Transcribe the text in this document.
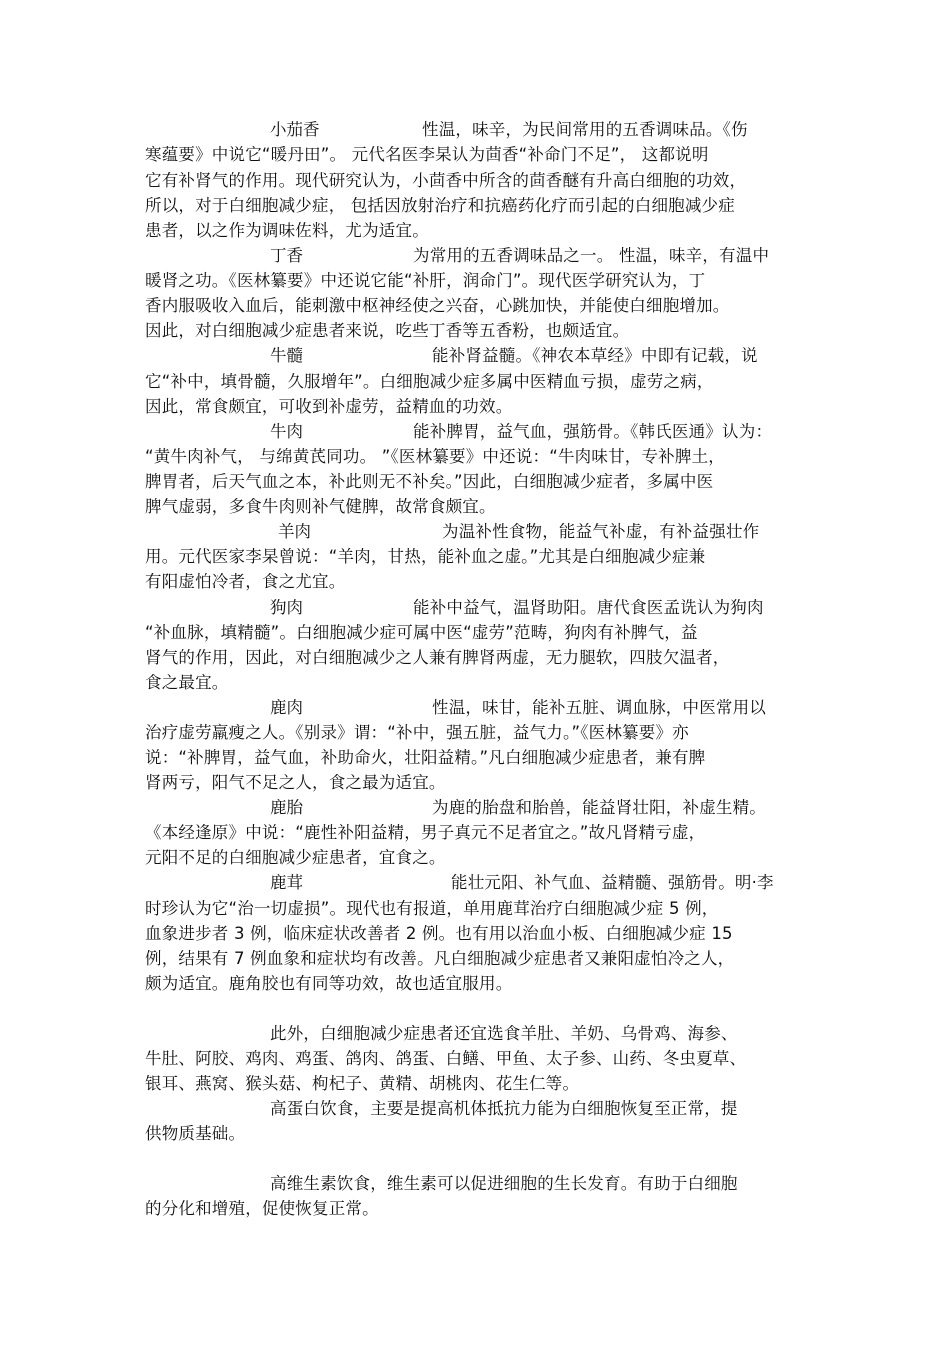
小茄香	性温，味辛，为民间常用的五香调味品。《伤
寒蕴要》中说它“暖丹田”。 元代名医李杲认为茴香“补命门不足”， 这都说明
它有补肾气的作用。现代研究认为，小茴香中所含的茴香醚有升高白细胞的功效，
所以，对于白细胞减少症， 包括因放射治疗和抗癌药化疗而引起的白细胞减少症
患者，以之作为调味佐料，尤为适宜。
丁香	为常用的五香调味品之一。 性温，味辛，有温中
暖肾之功。《医林纂要》中还说它能“补肝，润命门”。现代医学研究认为，丁
香内服吸收入血后，能刺激中枢神经使之兴奋，心跳加快，并能使白细胞增加。
因此，对白细胞减少症患者来说，吃些丁香等五香粉，也颇适宜。
牛髓	能补肾益髓。《神农本草经》中即有记载，说
它“补中，填骨髓，久服增年”。白细胞减少症多属中医精血亏损，虚劳之病，
因此，常食颇宜，可收到补虚劳，益精血的功效。
牛肉	能补脾胃，益气血，强筋骨。《韩氏医通》认为：
“黄牛肉补气， 与绵黄芪同功。 ”《医林纂要》中还说：“牛肉味甘，专补脾土，
脾胃者，后天气血之本，补此则无不补矣。”因此，白细胞减少症者，多属中医
脾气虚弱，多食牛肉则补气健脾，故常食颇宜。
羊肉	为温补性食物，能益气补虚，有补益强壮作
用。元代医家李杲曾说：“羊肉，甘热，能补血之虚。”尤其是白细胞减少症兼
有阳虚怕冷者，食之尤宜。
狗肉	能补中益气，温肾助阳。唐代食医孟诜认为狗肉
“补血脉，填精髓”。白细胞减少症可属中医“虚劳”范畴，狗肉有补脾气，益
肾气的作用，因此，对白细胞减少之人兼有脾肾两虚，无力腿软，四肢欠温者，
食之最宜。
鹿肉	性温，味甘，能补五脏、调血脉，中医常用以
治疗虚劳羸瘦之人。《别录》谓：“补中，强五脏，益气力。”《医林纂要》亦
说：“补脾胃，益气血，补助命火，壮阳益精。”凡白细胞减少症患者，兼有脾
肾两亏，阳气不足之人，食之最为适宜。
鹿胎	为鹿的胎盘和胎兽，能益肾壮阳，补虚生精。
《本经逢原》中说：“鹿性补阳益精，男子真元不足者宜之。”故凡肾精亏虚，
元阳不足的白细胞减少症患者，宜食之。
鹿茸	能壮元阳、补气血、益精髓、强筋骨。明·李
时珍认为它“治一切虚损”。现代也有报道，单用鹿茸治疗白细胞减少症 5 例，
血象进步者 3 例，临床症状改善者 2 例。也有用以治血小板、白细胞减少症 15
例，结果有 7 例血象和症状均有改善。凡白细胞减少症患者又兼阳虚怕冷之人，
颇为适宜。鹿角胶也有同等功效，故也适宜服用。
此外，白细胞减少症患者还宜选食羊肚、羊奶、乌骨鸡、海参、
牛肚、阿胶、鸡肉、鸡蛋、鸽肉、鸽蛋、白鳝、甲鱼、太子参、山药、冬虫夏草、
银耳、燕窝、猴头菇、枸杞子、黄精、胡桃肉、花生仁等。
高蛋白饮食，主要是提高机体抵抗力能为白细胞恢复至正常，提
供物质基础。
高维生素饮食，维生素可以促进细胞的生长发育。有助于白细胞
的分化和增殖，促使恢复正常。
